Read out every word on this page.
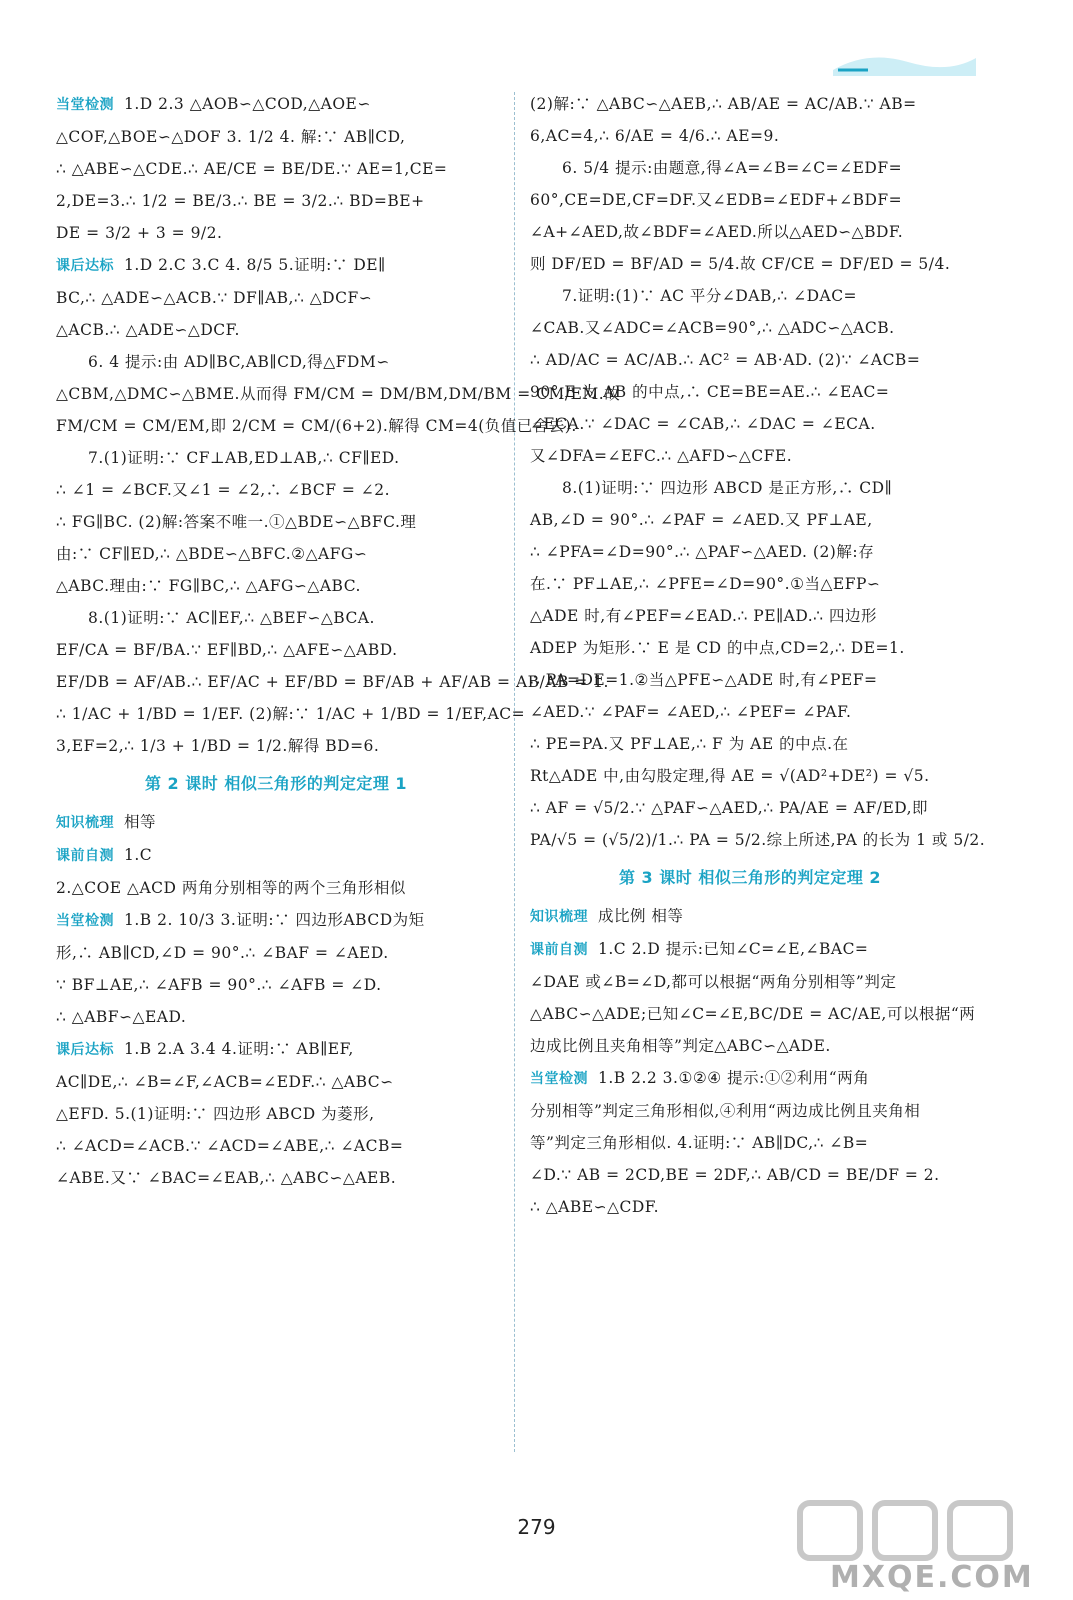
当堂检测 1.D 2.3 △AOB∽△COD,△AOE∽
△COF,△BOE∽△DOF 3. 1/2 4. 解:∵ AB∥CD,
∴ △ABE∽△CDE.∴ AE/CE = BE/DE.∵ AE=1,CE=
2,DE=3.∴ 1/2 = BE/3.∴ BE = 3/2.∴ BD=BE+
DE = 3/2 + 3 = 9/2.
课后达标 1.D 2.C 3.C 4. 8/5 5.证明:∵ DE∥
BC,∴ △ADE∽△ACB.∵ DF∥AB,∴ △DCF∽
△ACB.∴ △ADE∽△DCF.
6. 4 提示:由 AD∥BC,AB∥CD,得△FDM∽
△CBM,△DMC∽△BME.从而得 FM/CM = DM/BM,DM/BM = CM/EM.故
FM/CM = CM/EM,即 2/CM = CM/(6+2).解得 CM=4(负值已舍去).
7.(1)证明:∵ CF⊥AB,ED⊥AB,∴ CF∥ED.
∴ ∠1 = ∠BCF.又∠1 = ∠2,∴ ∠BCF = ∠2.
∴ FG∥BC. (2)解:答案不唯一.①△BDE∽△BFC.理
由:∵ CF∥ED,∴ △BDE∽△BFC.②△AFG∽
△ABC.理由:∵ FG∥BC,∴ △AFG∽△ABC.
8.(1)证明:∵ AC∥EF,∴ △BEF∽△BCA.
EF/CA = BF/BA.∵ EF∥BD,∴ △AFE∽△ABD.
EF/DB = AF/AB.∴ EF/AC + EF/BD = BF/AB + AF/AB = AB/AB = 1.
∴ 1/AC + 1/BD = 1/EF. (2)解:∵ 1/AC + 1/BD = 1/EF,AC=
3,EF=2,∴ 1/3 + 1/BD = 1/2.解得 BD=6.
第 2 课时 相似三角形的判定定理 1
知识梳理 相等
课前自测 1.C
2.△COE △ACD 两角分别相等的两个三角形相似
当堂检测 1.B 2. 10/3 3.证明:∵ 四边形ABCD为矩
形,∴ AB∥CD,∠D = 90°.∴ ∠BAF = ∠AED.
∵ BF⊥AE,∴ ∠AFB = 90°.∴ ∠AFB = ∠D.
∴ △ABF∽△EAD.
课后达标 1.B 2.A 3.4 4.证明:∵ AB∥EF,
AC∥DE,∴ ∠B=∠F,∠ACB=∠EDF.∴ △ABC∽
△EFD. 5.(1)证明:∵ 四边形 ABCD 为菱形,
∴ ∠ACD=∠ACB.∵ ∠ACD=∠ABE,∴ ∠ACB=
∠ABE.又∵ ∠BAC=∠EAB,∴ △ABC∽△AEB.
(2)解:∵ △ABC∽△AEB,∴ AB/AE = AC/AB.∵ AB=
6,AC=4,∴ 6/AE = 4/6.∴ AE=9.
6. 5/4 提示:由题意,得∠A=∠B=∠C=∠EDF=
60°,CE=DE,CF=DF.又∠EDB=∠EDF+∠BDF=
∠A+∠AED,故∠BDF=∠AED.所以△AED∽△BDF.
则 DF/ED = BF/AD = 5/4.故 CF/CE = DF/ED = 5/4.
7.证明:(1)∵ AC 平分∠DAB,∴ ∠DAC=
∠CAB.又∠ADC=∠ACB=90°,∴ △ADC∽△ACB.
∴ AD/AC = AC/AB.∴ AC² = AB·AD. (2)∵ ∠ACB=
90°,E 为 AB 的中点,∴ CE=BE=AE.∴ ∠EAC=
∠ECA.∵ ∠DAC = ∠CAB,∴ ∠DAC = ∠ECA.
又∠DFA=∠EFC.∴ △AFD∽△CFE.
8.(1)证明:∵ 四边形 ABCD 是正方形,∴ CD∥
AB,∠D = 90°.∴ ∠PAF = ∠AED.又 PF⊥AE,
∴ ∠PFA=∠D=90°.∴ △PAF∽△AED. (2)解:存
在.∵ PF⊥AE,∴ ∠PFE=∠D=90°.①当△EFP∽
△ADE 时,有∠PEF=∠EAD.∴ PE∥AD.∴ 四边形
ADEP 为矩形.∵ E 是 CD 的中点,CD=2,∴ DE=1.
∴ PA=DE=1.②当△PFE∽△ADE 时,有∠PEF=
∠AED.∵ ∠PAF= ∠AED,∴ ∠PEF= ∠PAF.
∴ PE=PA.又 PF⊥AE,∴ F 为 AE 的中点.在
Rt△ADE 中,由勾股定理,得 AE = √(AD²+DE²) = √5.
∴ AF = √5/2.∵ △PAF∽△AED,∴ PA/AE = AF/ED,即
PA/√5 = (√5/2)/1.∴ PA = 5/2.综上所述,PA 的长为 1 或 5/2.
第 3 课时 相似三角形的判定定理 2
知识梳理 成比例 相等
课前自测 1.C 2.D 提示:已知∠C=∠E,∠BAC=
∠DAE 或∠B=∠D,都可以根据“两角分别相等”判定
△ABC∽△ADE;已知∠C=∠E,BC/DE = AC/AE,可以根据“两
边成比例且夹角相等”判定△ABC∽△ADE.
当堂检测 1.B 2.2 3.①②④ 提示:①②利用“两角
分别相等”判定三角形相似,④利用“两边成比例且夹角相
等”判定三角形相似. 4.证明:∵ AB∥DC,∴ ∠B=
∠D.∵ AB = 2CD,BE = 2DF,∴ AB/CD = BE/DF = 2.
∴ △ABE∽△CDF.
279
MXQE.COM
